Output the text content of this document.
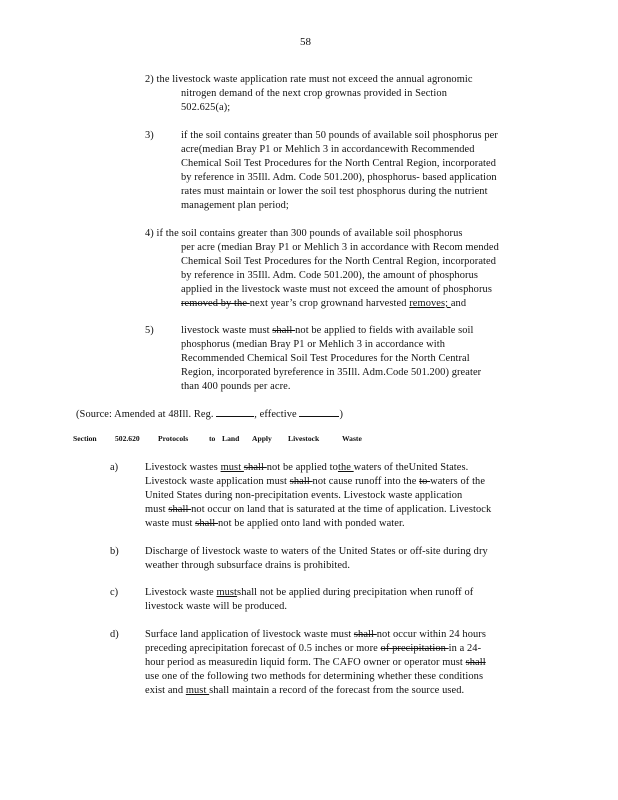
58
2) the livestock waste application rate must not exceed the annual agronomic
nitrogen demand of the next crop grownas provided in Section
502.625(a);
3)	if the soil contains greater than 50 pounds of available soil phosphorus per
acre(median Bray P1 or Mehlich 3 in accordancewith Recommended
Chemical Soil Test Procedures for the North Central Region, incorporated
by reference in 35Ill. Adm. Code 501.200), phosphorus- based application
rates must maintain or lower the soil test phosphorus during the nutrient
management plan period;
4) if the soil contains greater than 300 pounds of available soil phosphorus
per acre (median Bray P1 or Mehlich 3 in accordance with Recom mended
Chemical Soil Test Procedures for the North Central Region, incorporated
by reference in 35Ill. Adm. Code 501.200), the amount of phosphorus
applied in the livestock waste must not exceed the amount of phosphorus
removed by the next year’s crop grownand harvested removes; and
5)	livestock waste must shall not be applied to fields with available soil
phosphorus (median Bray P1 or Mehlich 3 in accordance with
Recommended Chemical Soil Test Procedures for the North Central
Region, incorporated byreference in 35Ill. Adm.Code 501.200) greater
than 400 pounds per acre.
(Source: Amended at 48Ill. Reg.	, effective	)
Section 502.620 Protocols	to Land Apply Livestock	Waste
a)	Livestock wastes must shall not be applied tothe waters of theUnited States.
Livestock waste application must shall not cause runoff into the to waters of the
United States during non-precipitation events. Livestock waste application
must shall not occur on land that is saturated at the time of application. Livestock
waste must shall not be applied onto land with ponded water.
b)	Discharge of livestock waste to waters of the United States or off-site during dry
weather through subsurface drains is prohibited.
c)	Livestock waste mustshall not be applied during precipitation when runoff of
livestock waste will be produced.
d)	Surface land application of livestock waste must shall not occur within 24 hours
preceding aprecipitation forecast of 0.5 inches or more of precipitation in a 24-
hour period as measuredin liquid form. The CAFO owner or operator must shall
use one of the following two methods for determining whether these conditions
exist and must shall maintain a record of the forecast from the source used.
